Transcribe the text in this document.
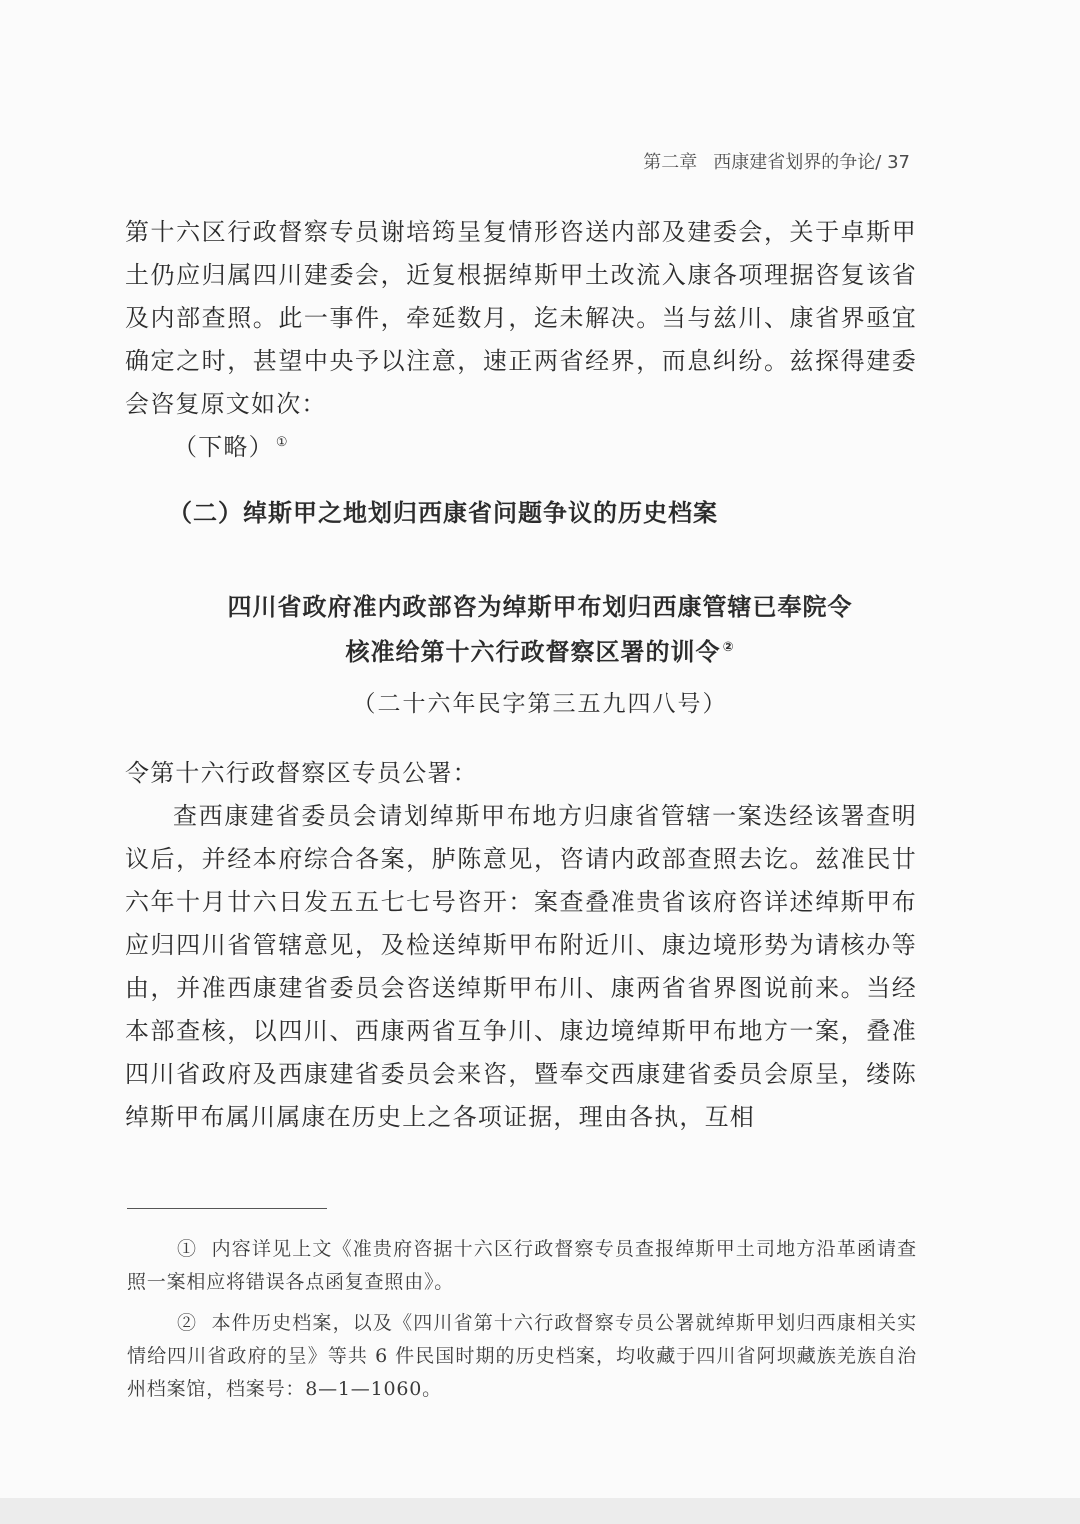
第二章 西康建省划界的争论/ 37

第十六区行政督察专员谢培筠呈复情形咨送内部及建委会，关于卓斯甲土仍应归属四川建委会，近复根据绰斯甲土改流入康各项理据咨复该省及内部查照。此一事件，牵延数月，迄未解决。当与兹川、康省界亟宜确定之时，甚望中央予以注意，速正两省经界，而息纠纷。兹探得建委会咨复原文如次：

（下略） ①

（二）绰斯甲之地划归西康省问题争议的历史档案
四川省政府准内政部咨为绰斯甲布划归西康管辖已奉院令
核准给第十六行政督察区署的训令 ②
（二十六年民字第三五九四八号）

令第十六行政督察区专员公署：

查西康建省委员会请划绰斯甲布地方归康省管辖一案迭经该署查明议后，并经本府综合各案，胪陈意见，咨请内政部查照去讫。兹准民廿六年十月廿六日发五五七七号咨开：案查叠准贵省该府咨详述绰斯甲布应归四川省管辖意见，及检送绰斯甲布附近川、康边境形势为请核办等由，并准西康建省委员会咨送绰斯甲布川、康两省省界图说前来。当经本部查核，以四川、西康两省互争川、康边境绰斯甲布地方一案，叠准四川省政府及西康建省委员会来咨，暨奉交西康建省委员会原呈，缕陈绰斯甲布属川属康在历史上之各项证据，理由各执，互相

① 内容详见上文《准贵府咨据十六区行政督察专员查报绰斯甲土司地方沿革函请查照一案相应将错误各点函复查照由》。

② 本件历史档案，以及《四川省第十六行政督察专员公署就绰斯甲划归西康相关实情给四川省政府的呈》等共 6 件民国时期的历史档案，均收藏于四川省阿坝藏族羌族自治州档案馆，档案号：8—1—1060。
